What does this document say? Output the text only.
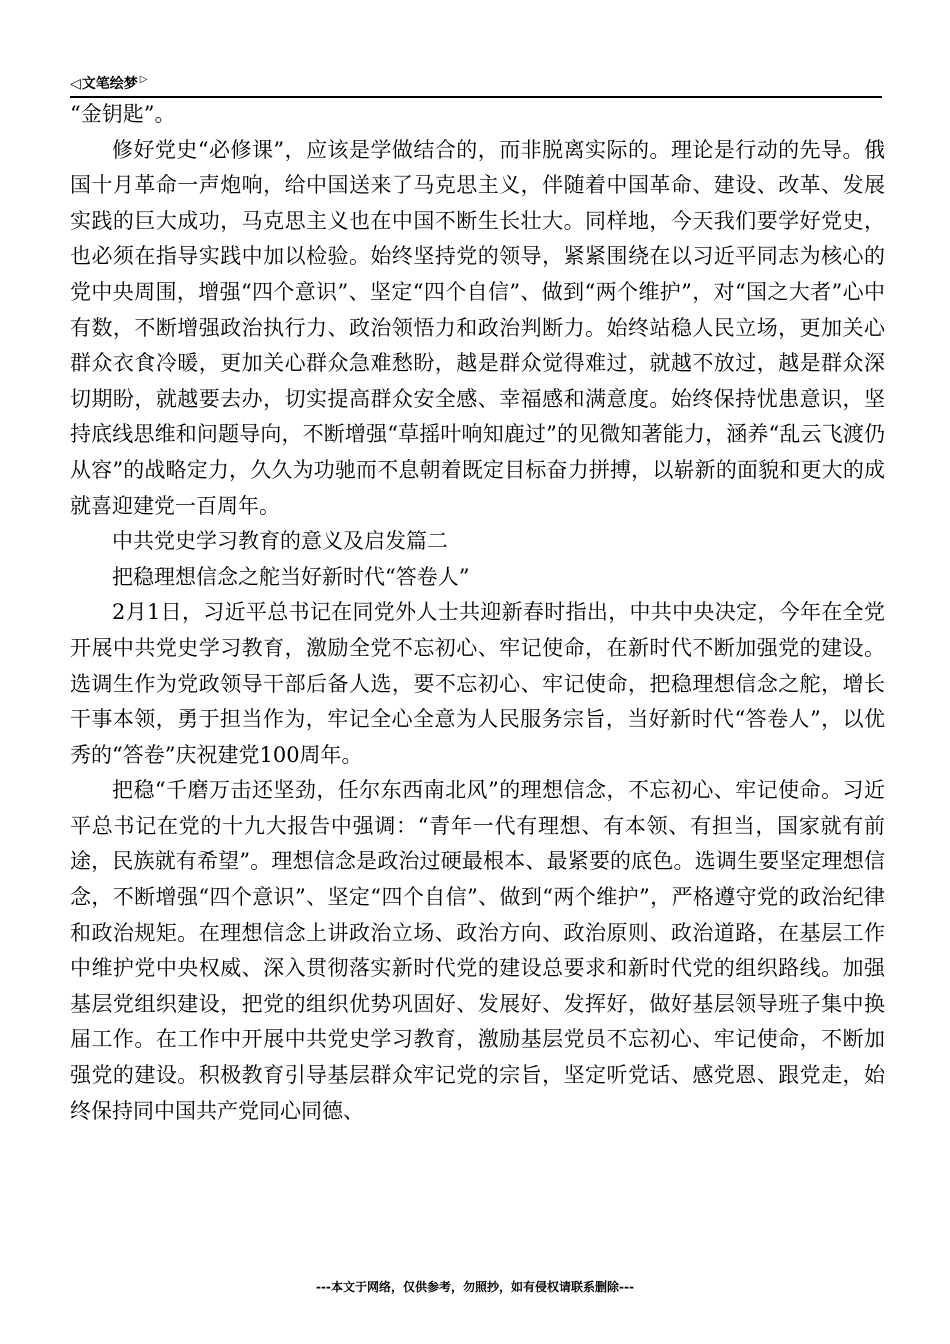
◁ 文笔绘梦 ▷

“金钥匙”。

修好党史“必修课”，应该是学做结合的，而非脱离实际的。理论是行动的先导。俄国十月革命一声炮响，给中国送来了马克思主义，伴随着中国革命、建设、改革、发展实践的巨大成功，马克思主义也在中国不断生长壮大。同样地，今天我们要学好党史，也必须在指导实践中加以检验。始终坚持党的领导，紧紧围绕在以习近平同志为核心的党中央周围，增强“四个意识”、坚定“四个自信”、做到“两个维护”，对“国之大者”心中有数，不断增强政治执行力、政治领悟力和政治判断力。始终站稳人民立场，更加关心群众衣食冷暖，更加关心群众急难愁盼，越是群众觉得难过，就越不放过，越是群众深切期盼，就越要去办，切实提高群众安全感、幸福感和满意度。始终保持忧患意识，坚持底线思维和问题导向，不断增强“草摇叶响知鹿过”的见微知著能力，涵养“乱云飞渡仍从容”的战略定力，久久为功驰而不息朝着既定目标奋力拼搏，以崭新的面貌和更大的成就喜迎建党一百周年。

中共党史学习教育的意义及启发篇二

把稳理想信念之舵当好新时代“答卷人”

2月1日，习近平总书记在同党外人士共迎新春时指出，中共中央决定，今年在全党开展中共党史学习教育，激励全党不忘初心、牢记使命，在新时代不断加强党的建设。选调生作为党政领导干部后备人选，要不忘初心、牢记使命，把稳理想信念之舵，增长干事本领，勇于担当作为，牢记全心全意为人民服务宗旨，当好新时代“答卷人”，以优秀的“答卷”庆祝建党100周年。

把稳“千磨万击还坚劲，任尔东西南北风”的理想信念，不忘初心、牢记使命。习近平总书记在党的十九大报告中强调：“青年一代有理想、有本领、有担当，国家就有前途，民族就有希望”。理想信念是政治过硬最根本、最紧要的底色。选调生要坚定理想信念，不断增强“四个意识”、坚定“四个自信”、做到“两个维护”，严格遵守党的政治纪律和政治规矩。在理想信念上讲政治立场、政治方向、政治原则、政治道路，在基层工作中维护党中央权威、深入贯彻落实新时代党的建设总要求和新时代党的组织路线。加强基层党组织建设，把党的组织优势巩固好、发展好、发挥好，做好基层领导班子集中换届工作。在工作中开展中共党史学习教育，激励基层党员不忘初心、牢记使命，不断加强党的建设。积极教育引导基层群众牢记党的宗旨，坚定听党话、感党恩、跟党走，始终保持同中国共产党同心同德、

---本文于网络，仅供参考，勿照抄，如有侵权请联系删除---
